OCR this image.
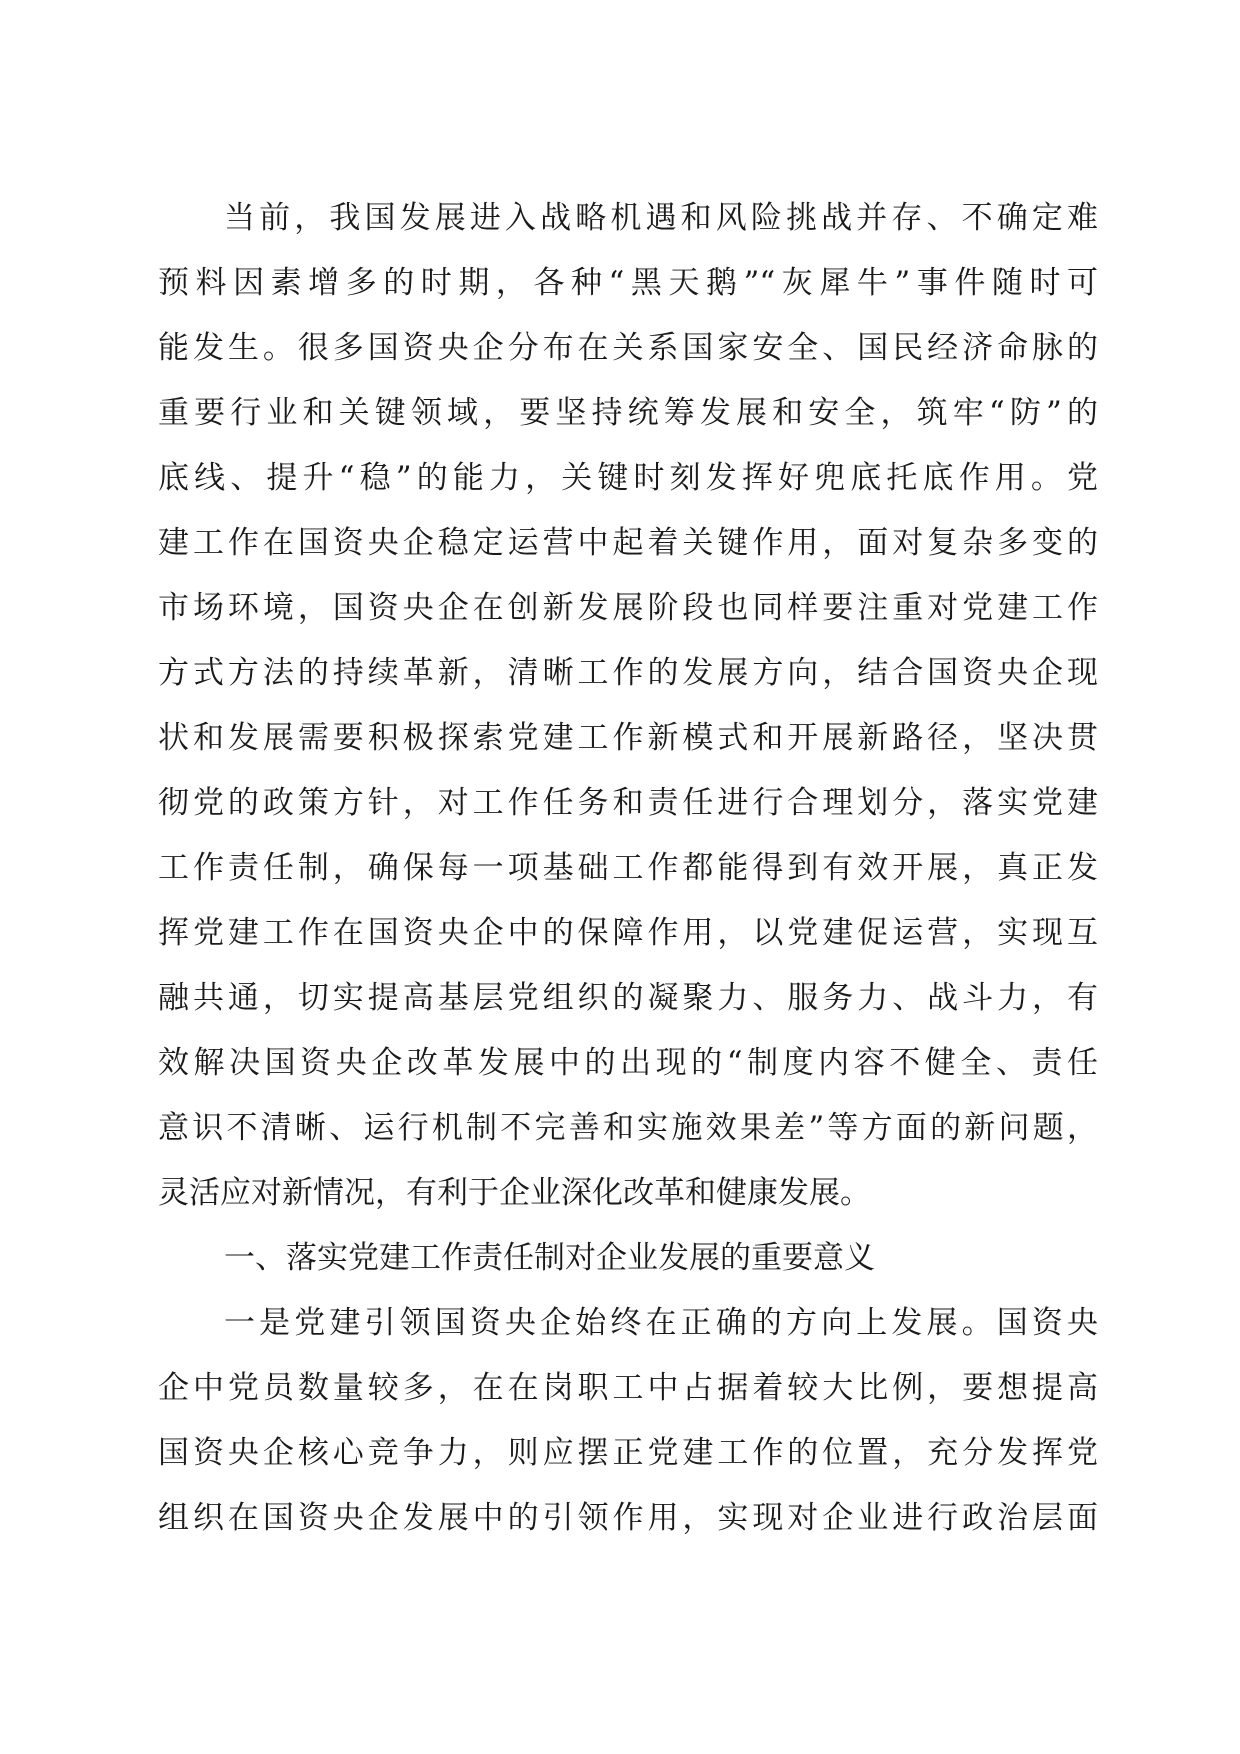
当前，我国发展进入战略机遇和风险挑战并存、不确定难
预料因素增多的时期，各种“黑天鹅”“灰犀牛”事件随时可
能发生。很多国资央企分布在关系国家安全、国民经济命脉的
重要行业和关键领域，要坚持统筹发展和安全，筑牢“防”的
底线、提升“稳”的能力，关键时刻发挥好兜底托底作用。党
建工作在国资央企稳定运营中起着关键作用，面对复杂多变的
市场环境，国资央企在创新发展阶段也同样要注重对党建工作
方式方法的持续革新，清晰工作的发展方向，结合国资央企现
状和发展需要积极探索党建工作新模式和开展新路径，坚决贯
彻党的政策方针，对工作任务和责任进行合理划分，落实党建
工作责任制，确保每一项基础工作都能得到有效开展，真正发
挥党建工作在国资央企中的保障作用，以党建促运营，实现互
融共通，切实提高基层党组织的凝聚力、服务力、战斗力，有
效解决国资央企改革发展中的出现的“制度内容不健全、责任
意识不清晰、运行机制不完善和实施效果差”等方面的新问题，
灵活应对新情况，有利于企业深化改革和健康发展。
一、落实党建工作责任制对企业发展的重要意义
一是党建引领国资央企始终在正确的方向上发展。国资央
企中党员数量较多，在在岗职工中占据着较大比例，要想提高
国资央企核心竞争力，则应摆正党建工作的位置，充分发挥党
组织在国资央企发展中的引领作用，实现对企业进行政治层面
